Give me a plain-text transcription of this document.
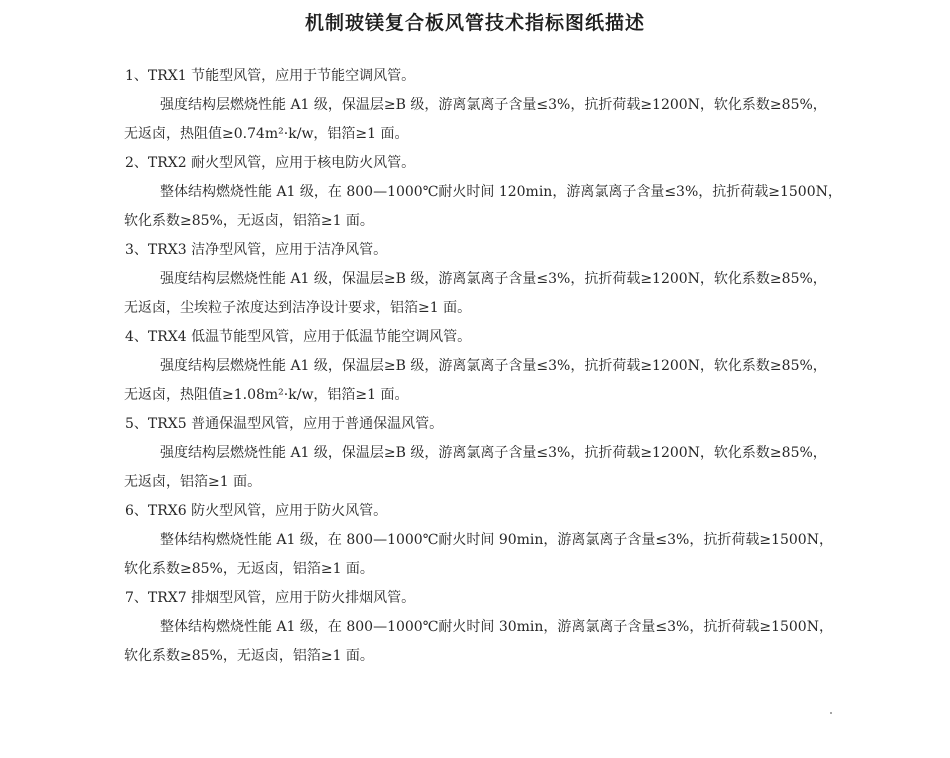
机制玻镁复合板风管技术指标图纸描述
1、TRX1 节能型风管，应用于节能空调风管。
强度结构层燃烧性能 A1 级，保温层≥B 级，游离氯离子含量≤3%，抗折荷载≥1200N，软化系数≥85%，
无返卤，热阻值≥0.74m²·k/w，铝箔≥1 面。
2、TRX2 耐火型风管，应用于核电防火风管。
整体结构燃烧性能 A1 级，在 800—1000℃耐火时间 120min，游离氯离子含量≤3%，抗折荷载≥1500N，
软化系数≥85%，无返卤，铝箔≥1 面。
3、TRX3 洁净型风管，应用于洁净风管。
强度结构层燃烧性能 A1 级，保温层≥B 级，游离氯离子含量≤3%，抗折荷载≥1200N，软化系数≥85%，
无返卤，尘埃粒子浓度达到洁净设计要求，铝箔≥1 面。
4、TRX4 低温节能型风管，应用于低温节能空调风管。
强度结构层燃烧性能 A1 级，保温层≥B 级，游离氯离子含量≤3%，抗折荷载≥1200N，软化系数≥85%，
无返卤，热阻值≥1.08m²·k/w，铝箔≥1 面。
5、TRX5 普通保温型风管，应用于普通保温风管。
强度结构层燃烧性能 A1 级，保温层≥B 级，游离氯离子含量≤3%，抗折荷载≥1200N，软化系数≥85%，
无返卤，铝箔≥1 面。
6、TRX6 防火型风管，应用于防火风管。
整体结构燃烧性能 A1 级，在 800—1000℃耐火时间 90min，游离氯离子含量≤3%，抗折荷载≥1500N，
软化系数≥85%，无返卤，铝箔≥1 面。
7、TRX7 排烟型风管，应用于防火排烟风管。
整体结构燃烧性能 A1 级，在 800—1000℃耐火时间 30min，游离氯离子含量≤3%，抗折荷载≥1500N，
软化系数≥85%，无返卤，铝箔≥1 面。
